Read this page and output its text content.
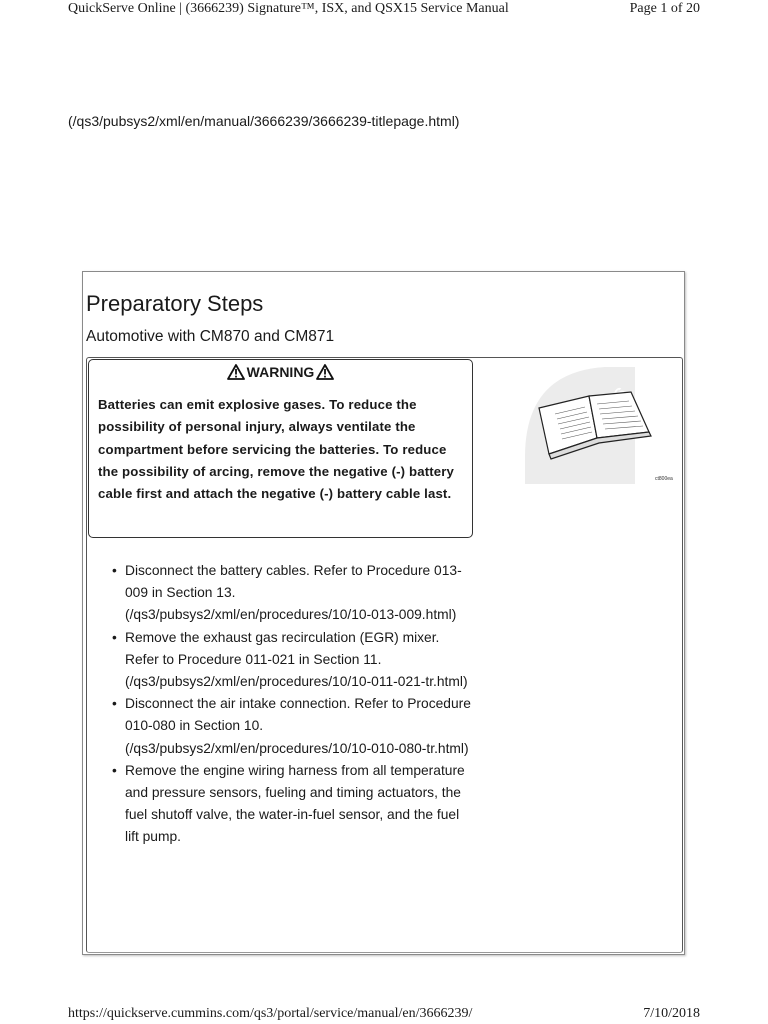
QuickServe Online | (3666239) Signature™, ISX, and QSX15 Service Manual	Page 1 of 20
(/qs3/pubsys2/xml/en/manual/3666239/3666239-titlepage.html)
Preparatory Steps
Automotive with CM870 and CM871
WARNING

Batteries can emit explosive gases. To reduce the possibility of personal injury, always ventilate the compartment before servicing the batteries. To reduce the possibility of arcing, remove the negative (-) battery cable first and attach the negative (-) battery cable last.

ct800ea
• Disconnect the battery cables. Refer to Procedure 013-009 in Section 13. (/qs3/pubsys2/xml/en/procedures/10/10-013-009.html)
• Remove the exhaust gas recirculation (EGR) mixer. Refer to Procedure 011-021 in Section 11. (/qs3/pubsys2/xml/en/procedures/10/10-011-021-tr.html)
• Disconnect the air intake connection. Refer to Procedure 010-080 in Section 10. (/qs3/pubsys2/xml/en/procedures/10/10-010-080-tr.html)
• Remove the engine wiring harness from all temperature and pressure sensors, fueling and timing actuators, the fuel shutoff valve, the water-in-fuel sensor, and the fuel lift pump.
https://quickserve.cummins.com/qs3/portal/service/manual/en/3666239/	7/10/2018
